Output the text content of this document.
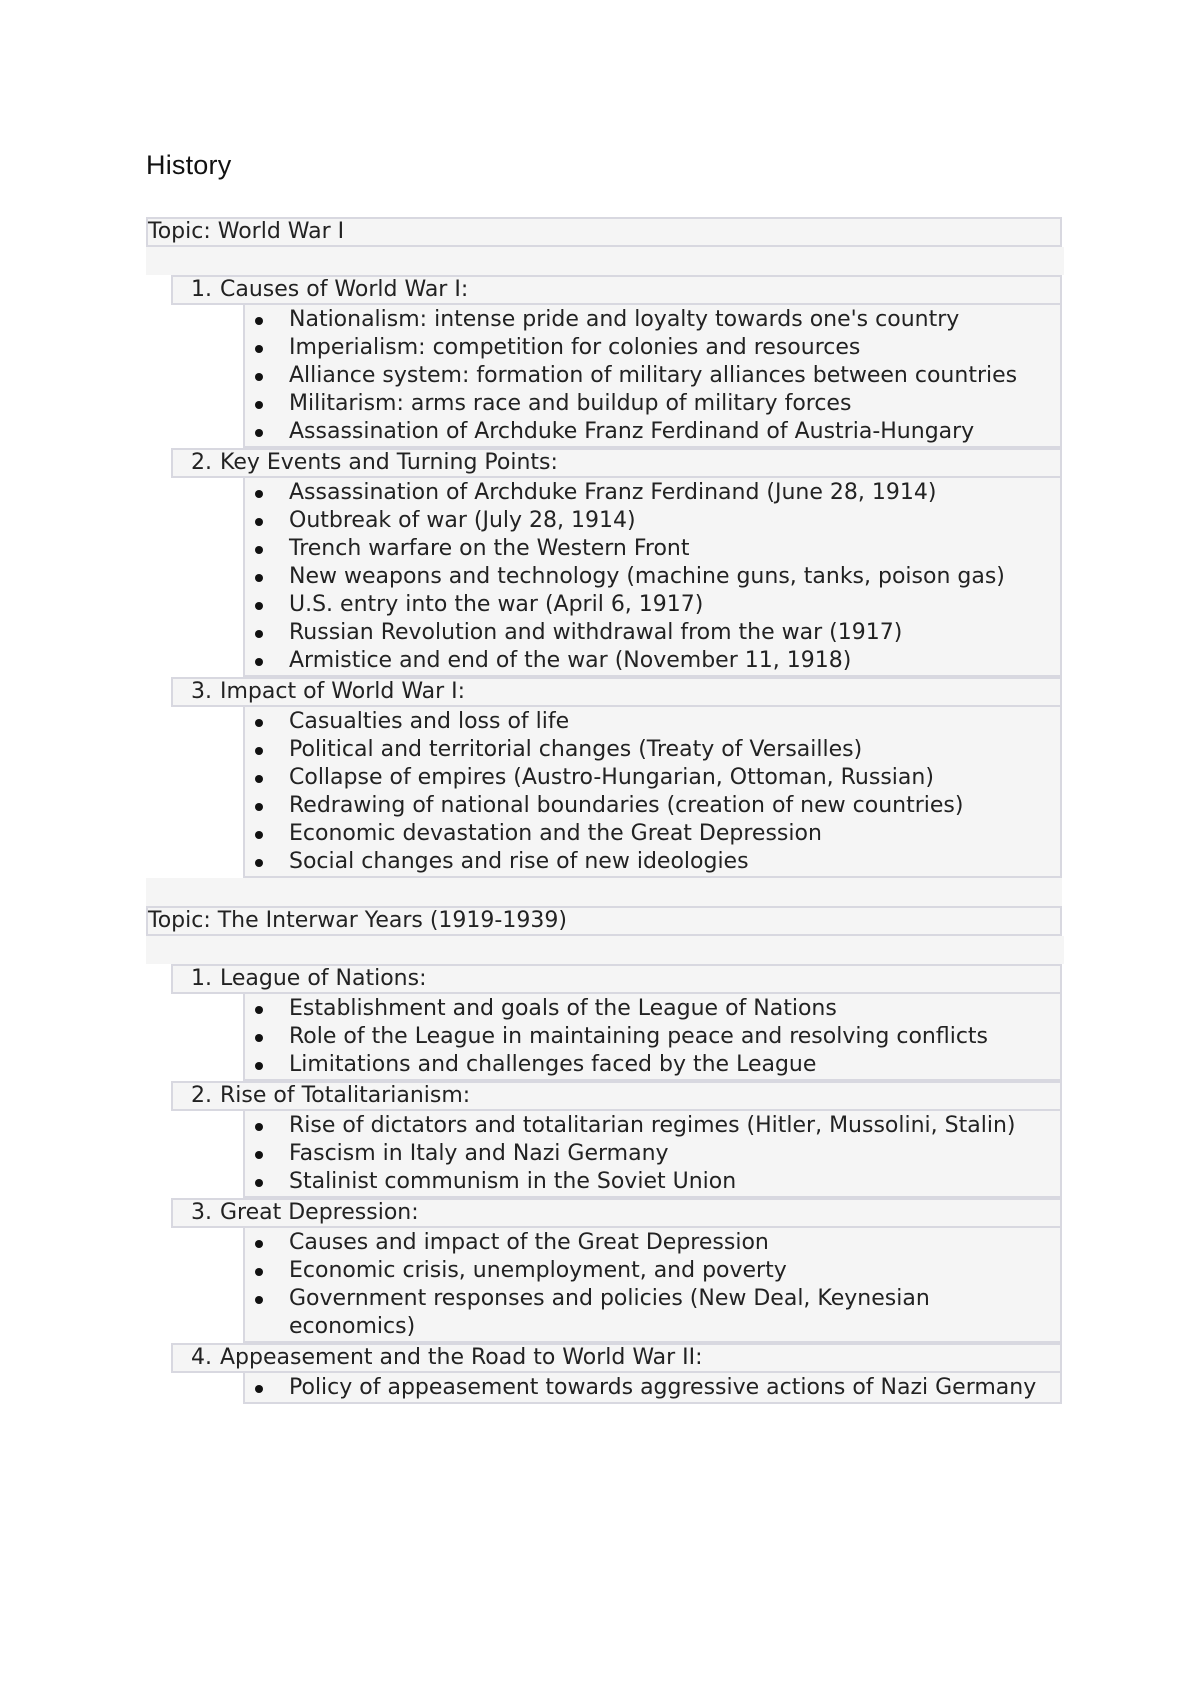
History
Topic: World War I
1. Causes of World War I:
Nationalism: intense pride and loyalty towards one's country
Imperialism: competition for colonies and resources
Alliance system: formation of military alliances between countries
Militarism: arms race and buildup of military forces
Assassination of Archduke Franz Ferdinand of Austria-Hungary
2. Key Events and Turning Points:
Assassination of Archduke Franz Ferdinand (June 28, 1914)
Outbreak of war (July 28, 1914)
Trench warfare on the Western Front
New weapons and technology (machine guns, tanks, poison gas)
U.S. entry into the war (April 6, 1917)
Russian Revolution and withdrawal from the war (1917)
Armistice and end of the war (November 11, 1918)
3. Impact of World War I:
Casualties and loss of life
Political and territorial changes (Treaty of Versailles)
Collapse of empires (Austro-Hungarian, Ottoman, Russian)
Redrawing of national boundaries (creation of new countries)
Economic devastation and the Great Depression
Social changes and rise of new ideologies
Topic: The Interwar Years (1919-1939)
1. League of Nations:
Establishment and goals of the League of Nations
Role of the League in maintaining peace and resolving conflicts
Limitations and challenges faced by the League
2. Rise of Totalitarianism:
Rise of dictators and totalitarian regimes (Hitler, Mussolini, Stalin)
Fascism in Italy and Nazi Germany
Stalinist communism in the Soviet Union
3. Great Depression:
Causes and impact of the Great Depression
Economic crisis, unemployment, and poverty
Government responses and policies (New Deal, Keynesian economics)
4. Appeasement and the Road to World War II:
Policy of appeasement towards aggressive actions of Nazi Germany
